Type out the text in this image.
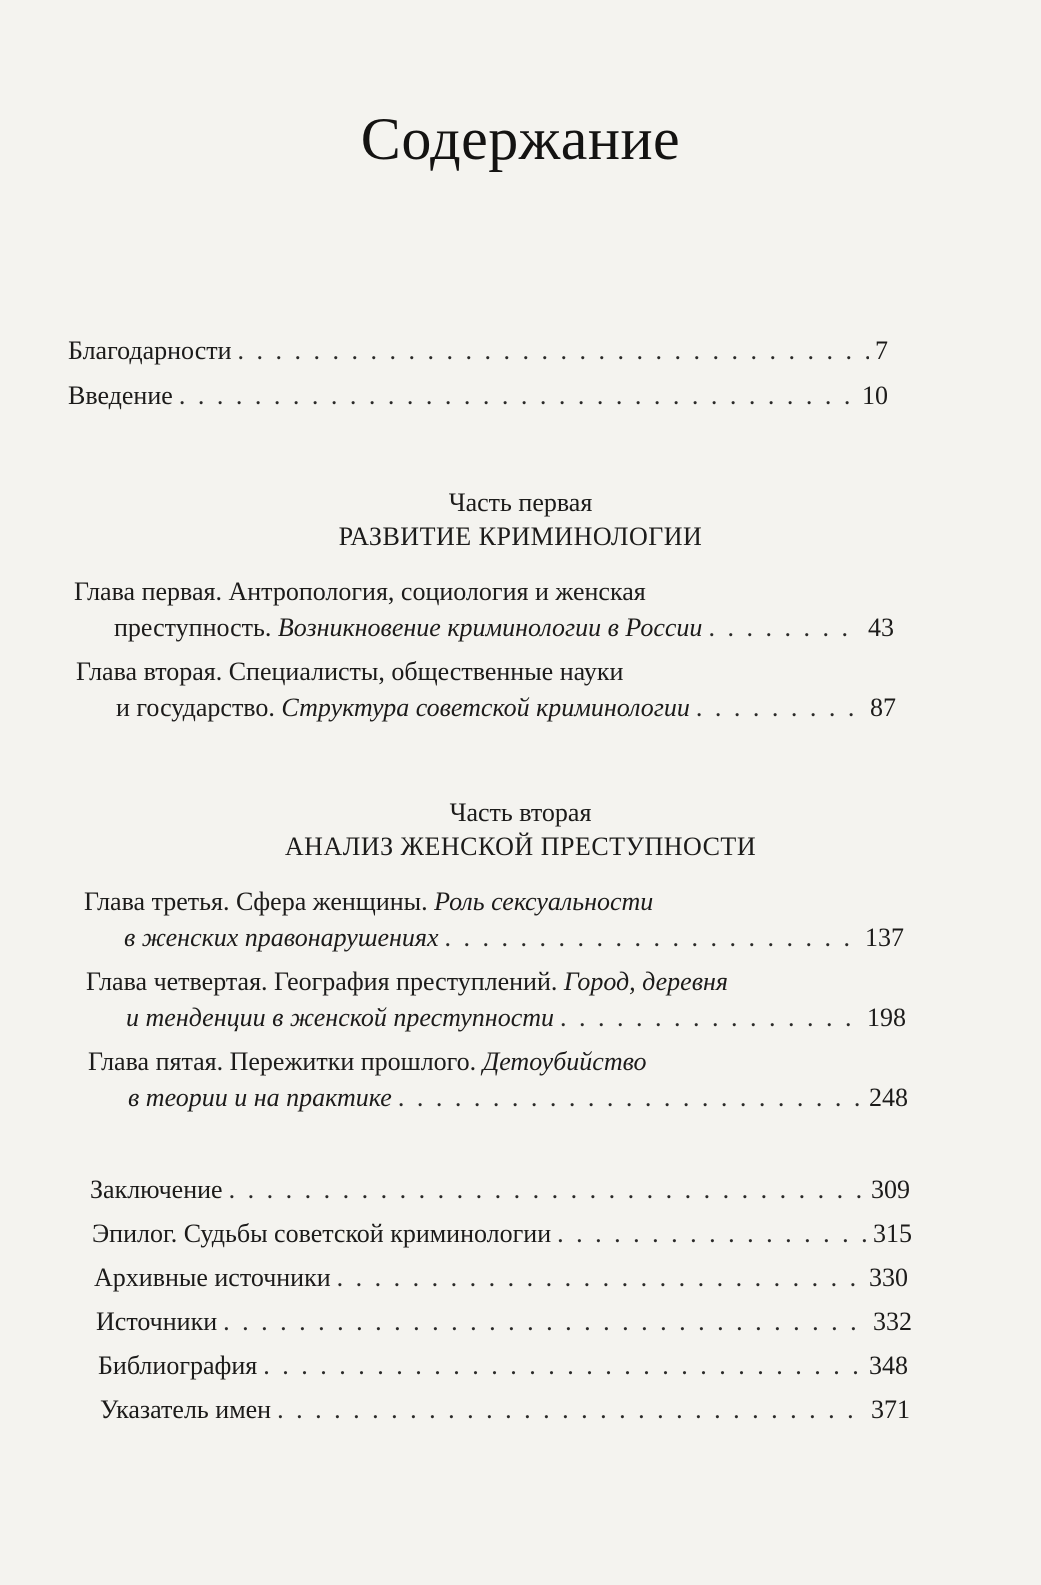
Содержание
Благодарности . . .	7
Введение . . .	10
Часть первая
РАЗВИТИЕ КРИМИНОЛОГИИ
Глава первая. Антропология, социология и женская
преступность. Возникновение криминологии в России . . .	43
Глава вторая. Специалисты, общественные науки
и государство. Структура советской криминологии . . .	87
Часть вторая
АНАЛИЗ ЖЕНСКОЙ ПРЕСТУПНОСТИ
Глава третья. Сфера женщины. Роль сексуальности
в женских правонарушениях . . .	137
Глава четвертая. География преступлений. Город, деревня
и тенденции в женской преступности . . .	198
Глава пятая. Пережитки прошлого. Детоубийство
в теории и на практике . . .	248
Заключение . . .	309
Эпилог. Судьбы советской криминологии . . .	315
Архивные источники . . .	330
Источники . . .	332
Библиография . . .	348
Указатель имен . . .	371
